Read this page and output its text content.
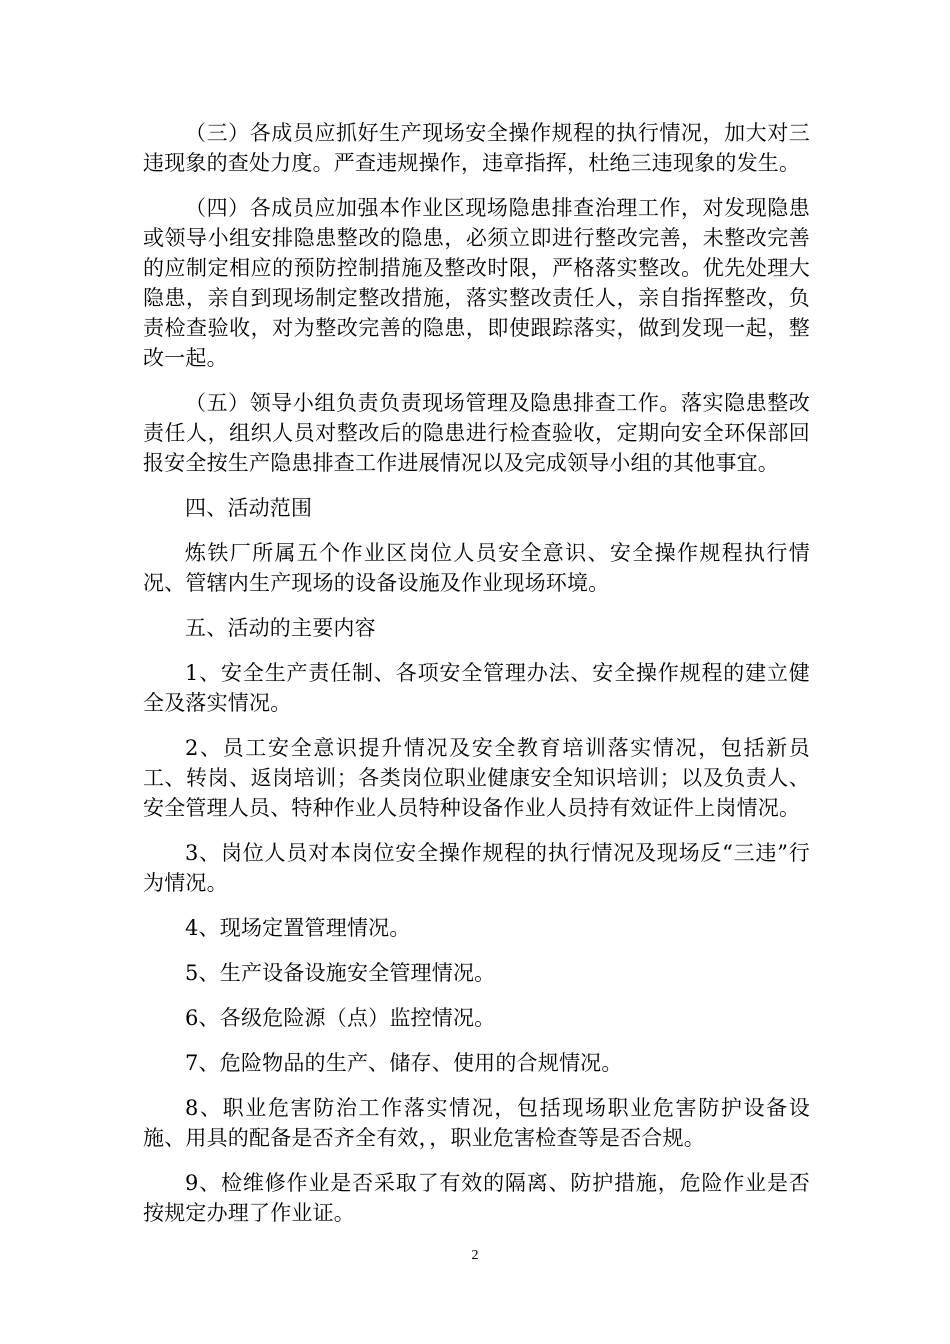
（三）各成员应抓好生产现场安全操作规程的执行情况，加大对三违现象的查处力度。严查违规操作，违章指挥，杜绝三违现象的发生。

（四）各成员应加强本作业区现场隐患排查治理工作，对发现隐患或领导小组安排隐患整改的隐患，必须立即进行整改完善，未整改完善的应制定相应的预防控制措施及整改时限，严格落实整改。优先处理大隐患，亲自到现场制定整改措施，落实整改责任人，亲自指挥整改，负责检查验收，对为整改完善的隐患，即使跟踪落实，做到发现一起，整改一起。

（五）领导小组负责负责现场管理及隐患排查工作。落实隐患整改责任人，组织人员对整改后的隐患进行检查验收，定期向安全环保部回报安全按生产隐患排查工作进展情况以及完成领导小组的其他事宜。

四、活动范围

炼铁厂所属五个作业区岗位人员安全意识、安全操作规程执行情况、管辖内生产现场的设备设施及作业现场环境。

五、活动的主要内容

1、安全生产责任制、各项安全管理办法、安全操作规程的建立健全及落实情况。

2、员工安全意识提升情况及安全教育培训落实情况，包括新员工、转岗、返岗培训；各类岗位职业健康安全知识培训；以及负责人、安全管理人员、特种作业人员特种设备作业人员持有效证件上岗情况。

3、岗位人员对本岗位安全操作规程的执行情况及现场反“三违”行为情况。

4、现场定置管理情况。

5、生产设备设施安全管理情况。

6、各级危险源（点）监控情况。

7、危险物品的生产、储存、使用的合规情况。

8、职业危害防治工作落实情况，包括现场职业危害防护设备设施、用具的配备是否齐全有效，，职业危害检查等是否合规。

9、检维修作业是否采取了有效的隔离、防护措施，危险作业是否按规定办理了作业证。

2
